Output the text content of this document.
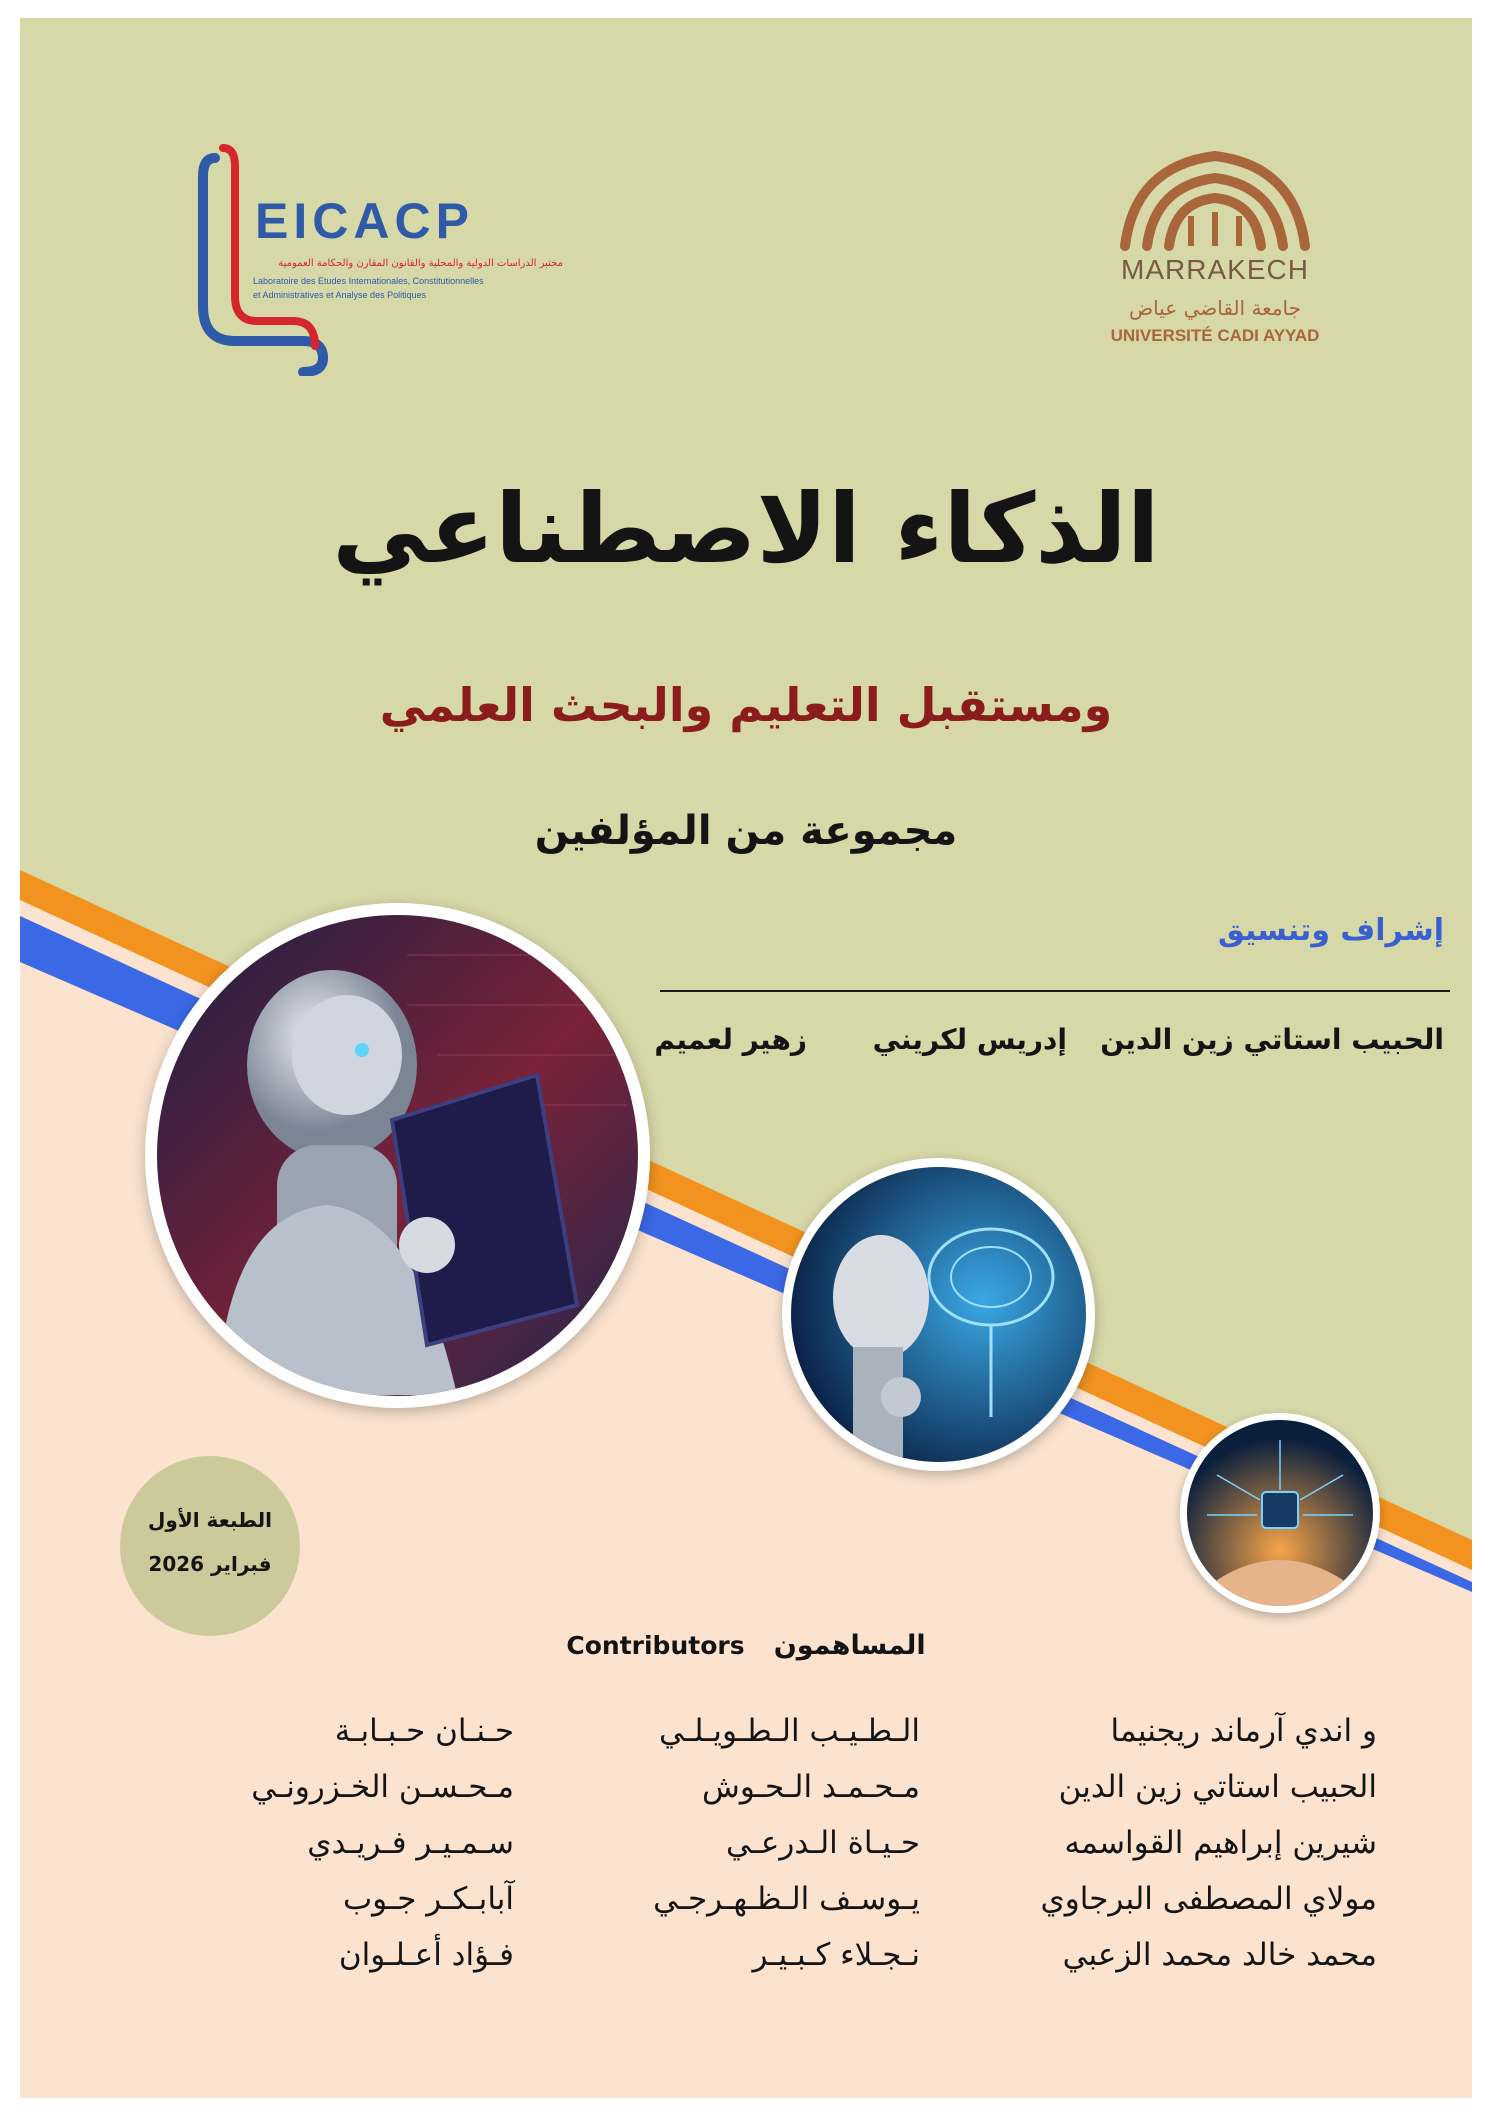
EICACP
مختبر الدراسات الدولية والمحلية والقانون المقارن والحكامة العمومية
Laboratoire des Etudes Internationales, Constitutionnelles
et Administratives et Analyse des Politiques
MARRAKECH
جامعة القاضي عياض
UNIVERSITÉ CADI AYYAD
الذكاء الاصطناعي
ومستقبل التعليم والبحث العلمي
مجموعة من المؤلفين
إشراف وتنسيق
الحبيب استاتي زين الدين
إدريس لكريني
زهير لعميم
الطبعة الأول
فبراير 2026
Contributors المساهمون
و اندي آرماند ريجنيما
الحبيب استاتي زين الدين
شيرين إبراهيم القواسمه
مولاي المصطفى البرجاوي
محمد خالد محمد الزعبي
الـطـيـب الـطـويـلـي
مـحـمـد الـحـوش
حـيـاة الـدرعـي
يـوسـف الـظـهـرجـي
نـجـلاء كـبـيـر
حـنـان حـبـابـة
مـحـسـن الخـزرونـي
سـمـيـر فـريـدي
آبابـكـر جـوب
فـؤاد أعـلـوان
